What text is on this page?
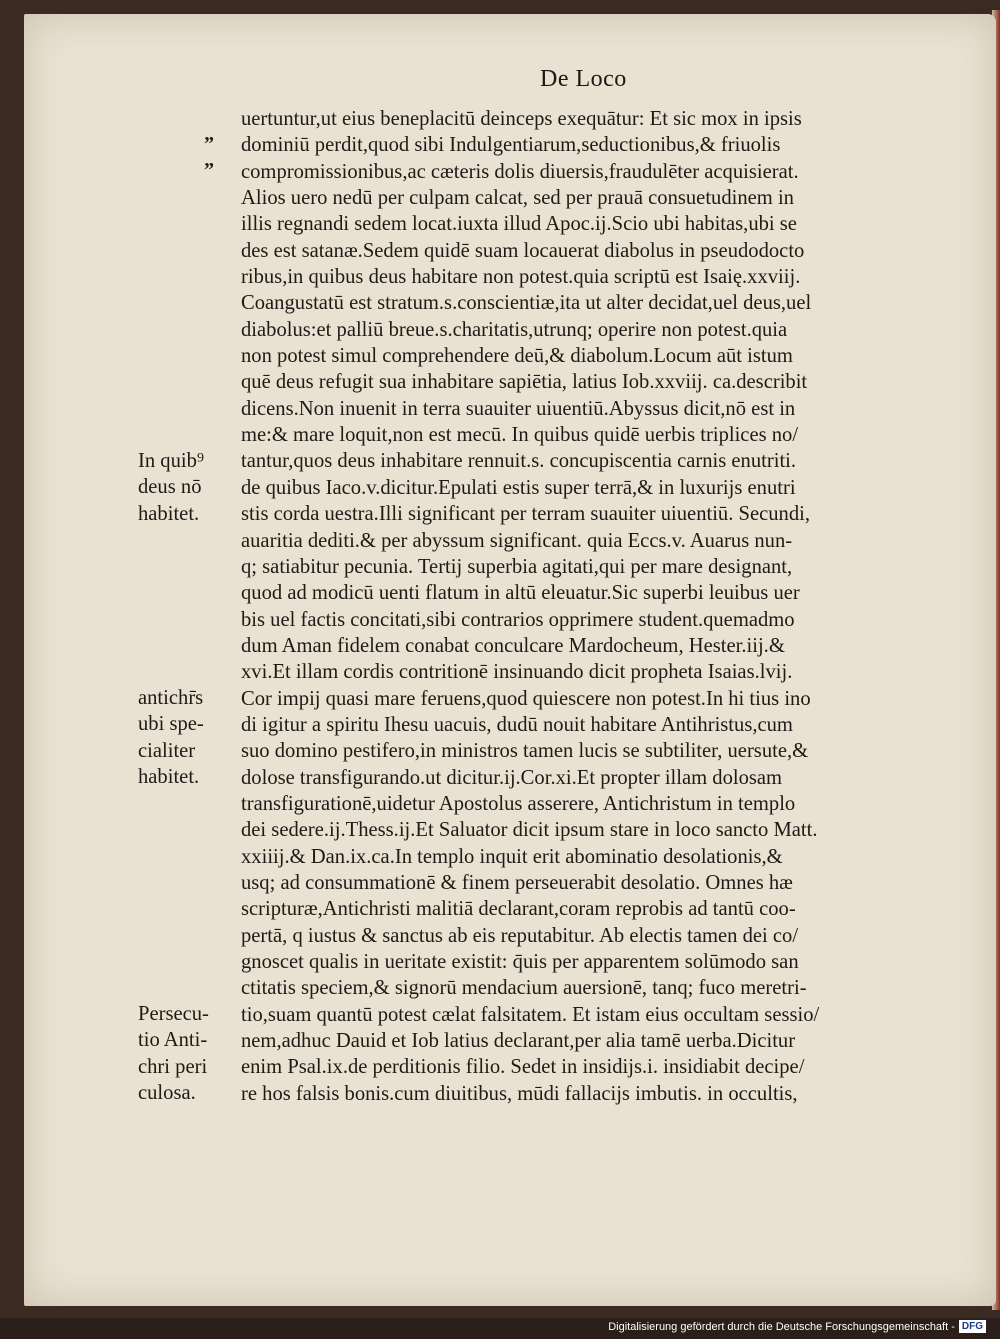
De Loco
”
”
uertuntur,ut eius beneplacitū deinceps exequātur: Et sic mox in ipsis
dominiū perdit,quod sibi Indulgentiarum,seductionibus,& friuolis
compromissionibus,ac cæteris dolis diuersis,fraudulēter acquisierat.
Alios uero nedū per culpam calcat, sed per prauā consuetudinem in
illis regnandi sedem locat.iuxta illud Apoc.ij.Scio ubi habitas,ubi se
des est satanæ.Sedem quidē suam locauerat diabolus in pseudodocto
ribus,in quibus deus habitare non potest.quia scriptū est Isaię.xxviij.
Coangustatū est stratum.s.conscientiæ,ita ut alter decidat,uel deus,uel
diabolus:et palliū breue.s.charitatis,utrunq; operire non potest.quia
non potest simul comprehendere deū,& diabolum.Locum aūt istum
quē deus refugit sua inhabitare sapiētia, latius Iob.xxviij. ca.describit
dicens.Non inuenit in terra suauiter uiuentiū.Abyssus dicit,nō est in
me:& mare loquit,non est mecū. In quibus quidē uerbis triplices no/
tantur,quos deus inhabitare rennuit.s. concupiscentia carnis enutriti.
de quibus Iaco.v.dicitur.Epulati estis super terrā,& in luxurijs enutri
stis corda uestra.Illi significant per terram suauiter uiuentiū. Secundi,
auaritia dediti.& per abyssum significant. quia Eccs.v. Auarus nun-
q; satiabitur pecunia. Tertij superbia agitati,qui per mare designant,
quod ad modicū uenti flatum in altū eleuatur.Sic superbi leuibus uer
bis uel factis concitati,sibi contrarios opprimere student.quemadmo
dum Aman fidelem conabat conculcare Mardocheum, Hester.iij.&
xvi.Et illam cordis contritionē insinuando dicit propheta Isaias.lvij.
Cor impij quasi mare feruens,quod quiescere non potest.In hi tius ino
di igitur a spiritu Ihesu uacuis, dudū nouit habitare Antihristus,cum
suo domino pestifero,in ministros tamen lucis se subtiliter, uersute,&
dolose transfigurando.ut dicitur.ij.Cor.xi.Et propter illam dolosam
transfigurationē,uidetur Apostolus asserere, Antichristum in templo
dei sedere.ij.Thess.ij.Et Saluator dicit ipsum stare in loco sancto Matt.
xxiiij.& Dan.ix.ca.In templo inquit erit abominatio desolationis,&
usq; ad consummationē & finem perseuerabit desolatio. Omnes hæ
scripturæ,Antichristi malitiā declarant,coram reprobis ad tantū coo-
pertā, q iustus & sanctus ab eis reputabitur. Ab electis tamen dei co/
gnoscet qualis in ueritate existit: q̄uis per apparentem solūmodo san
ctitatis speciem,& signorū mendacium auersionē, tanq; fuco meretri-
tio,suam quantū potest cælat falsitatem. Et istam eius occultam sessio/
nem,adhuc Dauid et Iob latius declarant,per alia tamē uerba.Dicitur
enim Psal.ix.de perditionis filio. Sedet in insidijs.i. insidiabit decipe/
re hos falsis bonis.cum diuitibus, mūdi fallacijs imbutis. in occultis,
In quib⁹
deus nō
habitet.
antichr̄s
ubi spe-
cialiter
habitet.
Persecu-
tio Anti-
chri peri
culosa.
Digitalisierung gefördert durch die Deutsche Forschungsgemeinschaft - DFG
